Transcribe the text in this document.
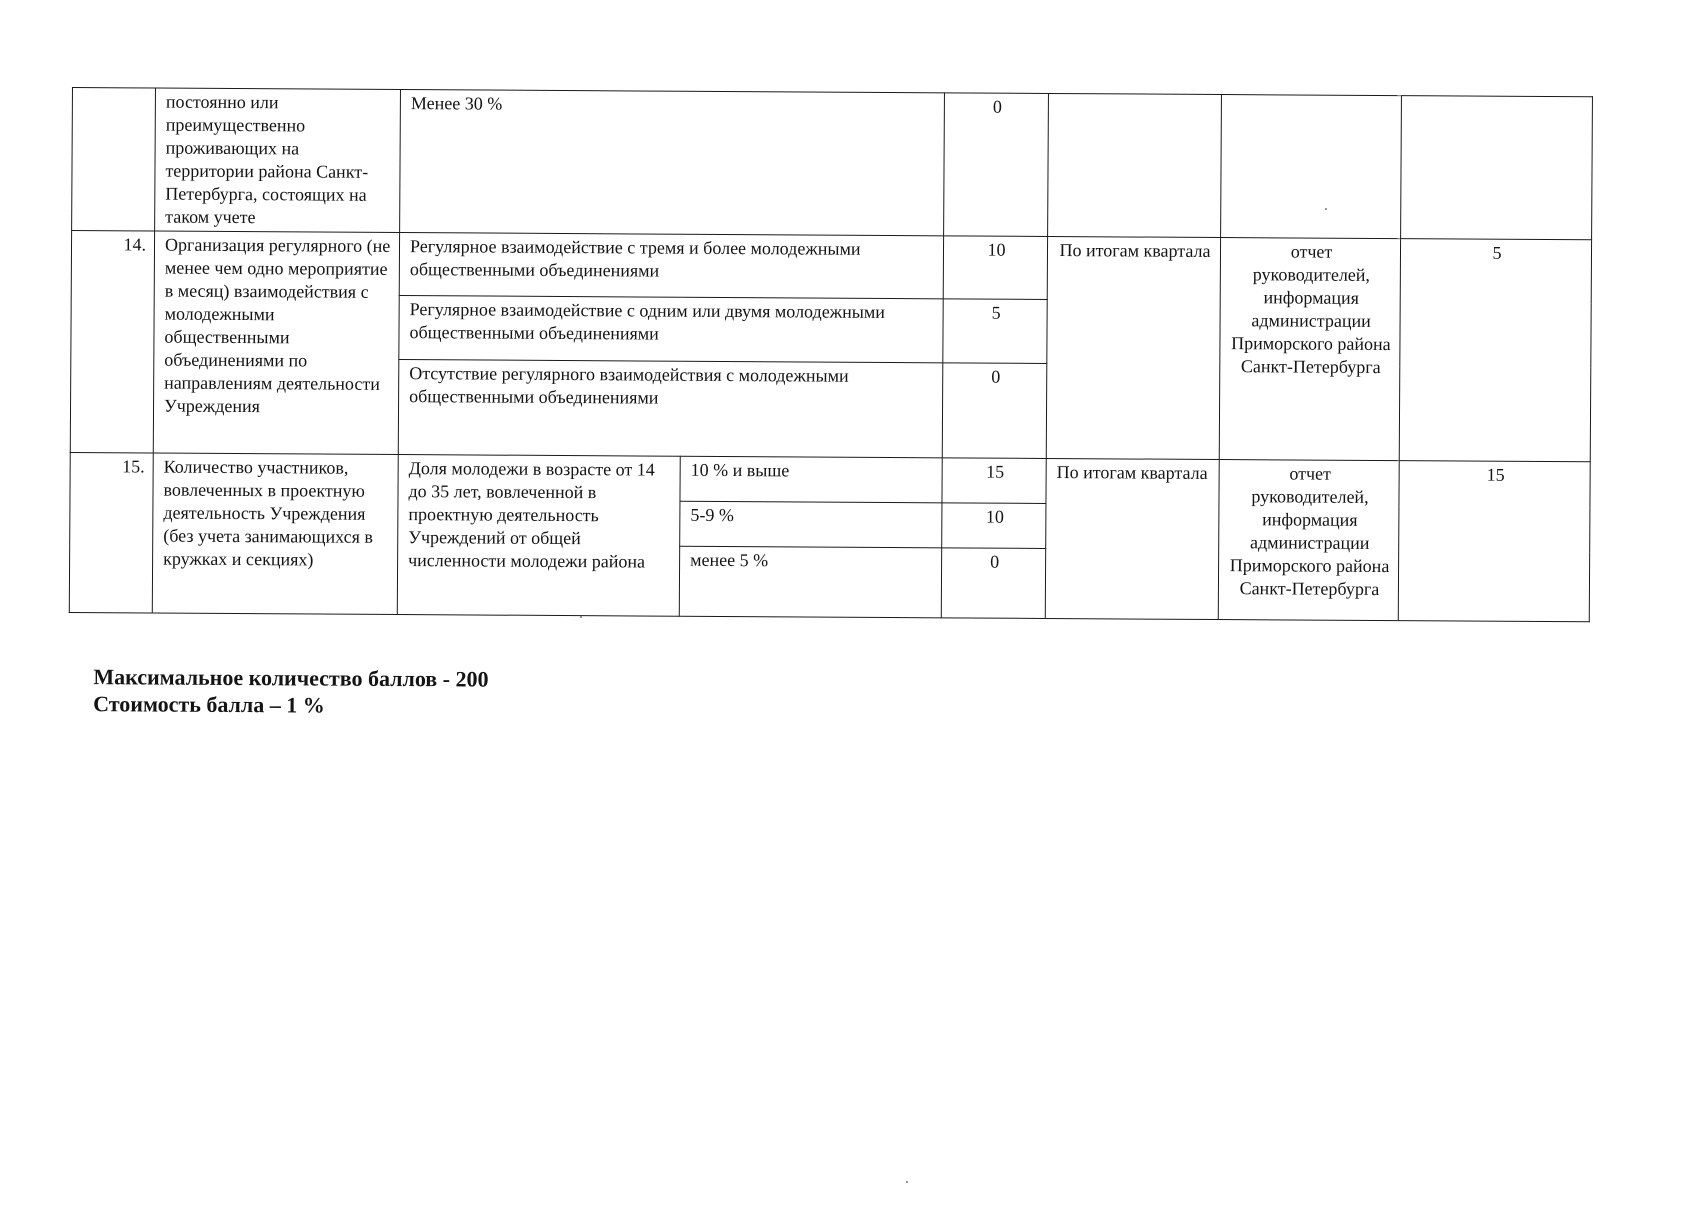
	постоянно или преимущественно проживающих на территории района Санкт-Петербурга, состоящих на таком учете	Менее 30 %		0			
14.	Организация регулярного (не менее чем одно мероприятие в месяц) взаимодействия с молодежными общественными объединениями по направлениям деятельности Учреждения	Регулярное взаимодействие с тремя и более молодежными общественными объединениями		10	По итогам квартала	отчет руководителей, информация администрации Приморского района Санкт-Петербурга	5
		Регулярное взаимодействие с одним или двумя молодежными общественными объединениями		5			
		Отсутствие регулярного взаимодействия с молодежными общественными объединениями		0			
15.	Количество участников, вовлеченных в проектную деятельность Учреждения (без учета занимающихся в кружках и секциях)	Доля молодежи в возрасте от 14 до 35 лет, вовлеченной в проектную деятельность Учреждений от общей численности молодежи района	10 % и выше	15	По итогам квартала	отчет руководителей, информация администрации Приморского района Санкт-Петербурга	15
			5-9 %	10			
			менее 5 %	0			
Максимальное количество баллов - 200
Стоимость балла – 1 %
